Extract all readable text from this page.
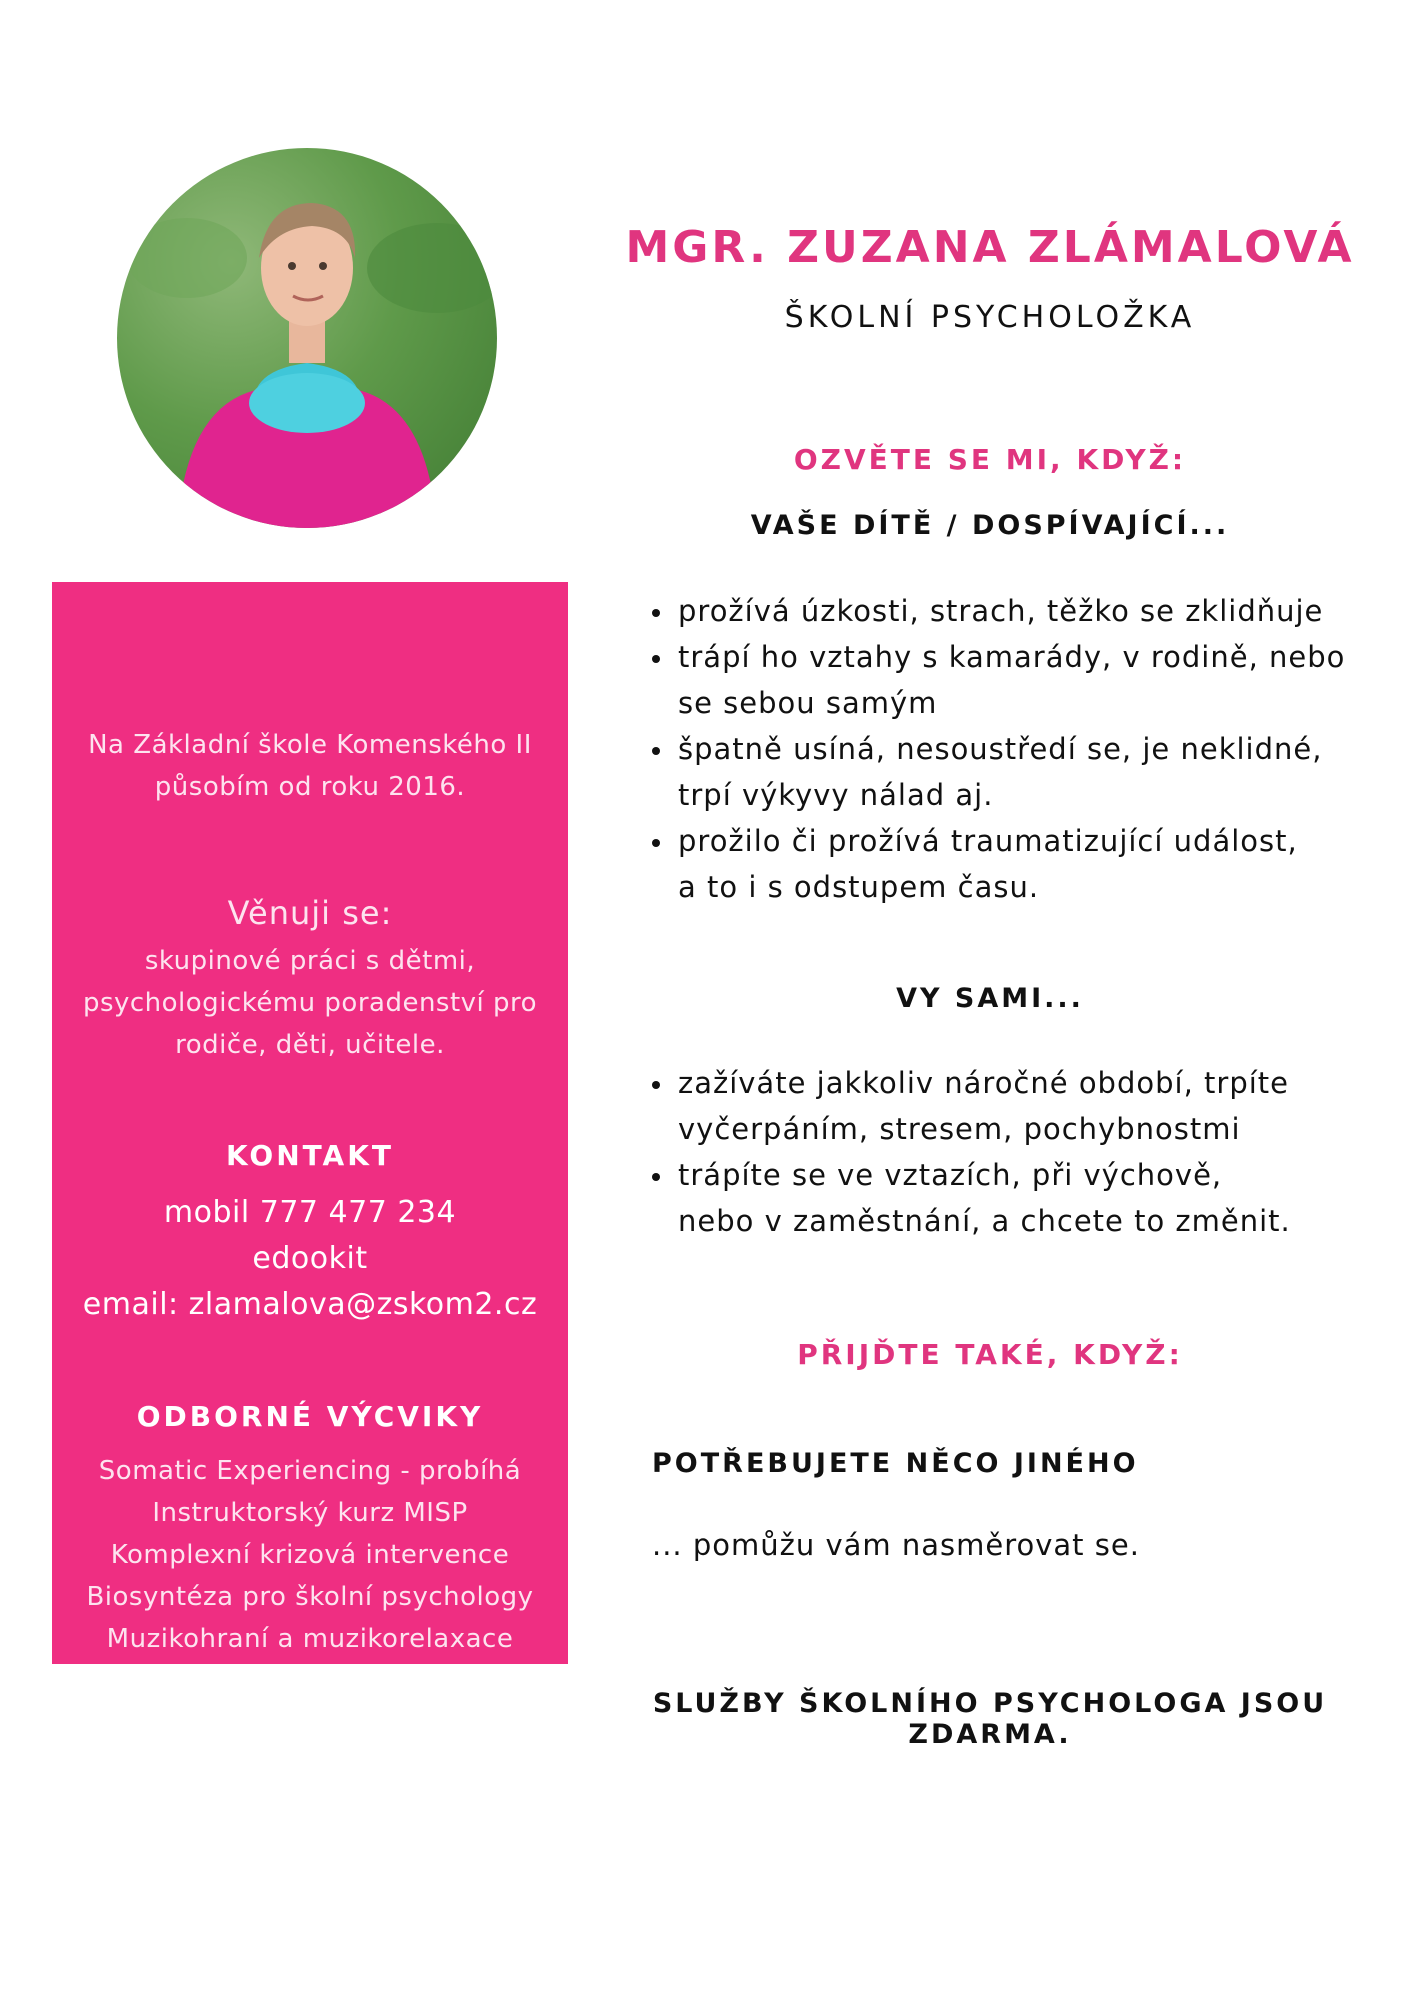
Na Základní škole Komenského II
působím od roku 2016.
Věnuji se:
skupinové práci s dětmi,
psychologickému poradenství pro
rodiče, děti, učitele.
KONTAKT
mobil 777 477 234
edookit
email: zlamalova@zskom2.cz
ODBORNÉ VÝCVIKY
Somatic Experiencing - probíhá
Instruktorský kurz MISP
Komplexní krizová intervence
Biosyntéza pro školní psychology
Muzikohraní a muzikorelaxace
MGR. ZUZANA ZLÁMALOVÁ
ŠKOLNÍ PSYCHOLOŽKA
OZVĚTE SE MI, KDYŽ:
VAŠE DÍTĚ / DOSPÍVAJÍCÍ...
prožívá úzkosti, strach, těžko se zklidňuje
trápí ho vztahy s kamarády, v rodině, nebo
se sebou samým
špatně usíná, nesoustředí se, je neklidné,
trpí výkyvy nálad aj.
prožilo či prožívá traumatizující událost,
a to i s odstupem času.
VY SAMI...
zažíváte jakkoliv náročné období, trpíte
vyčerpáním, stresem, pochybnostmi
trápíte se ve vztazích, při výchově,
nebo v zaměstnání, a chcete to změnit.
PŘIJĎTE TAKÉ, KDYŽ:
POTŘEBUJETE NĚCO JINÉHO
... pomůžu vám nasměrovat se.
SLUŽBY ŠKOLNÍHO PSYCHOLOGA JSOU ZDARMA.
